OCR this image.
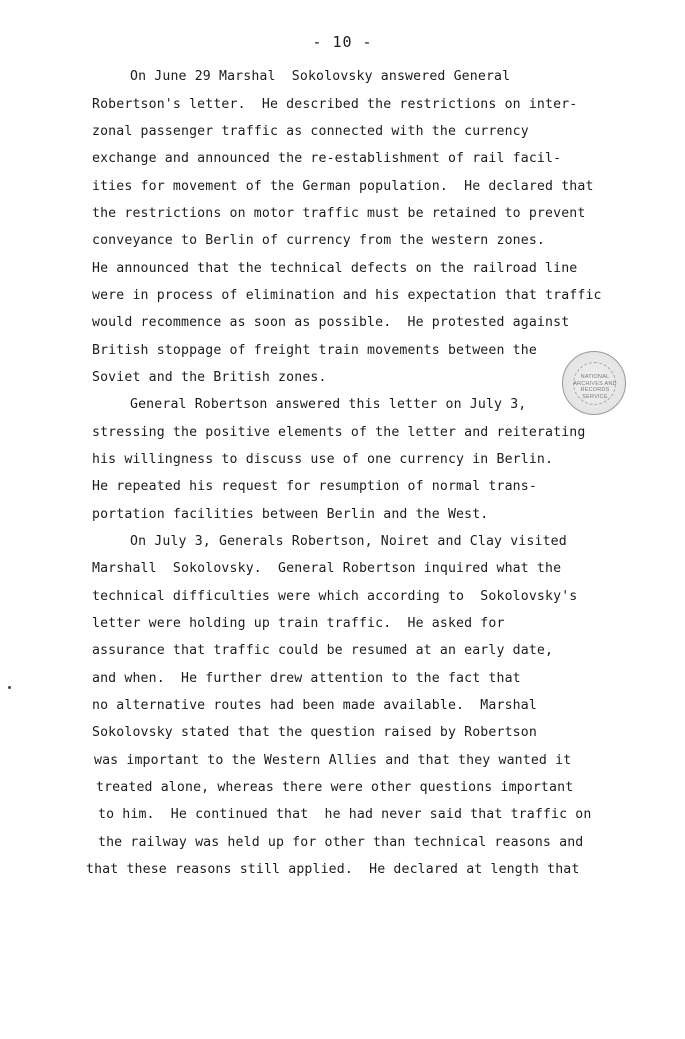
- 10 -
On June 29 Marshal  Sokolovsky answered General
Robertson's letter.  He described the restrictions on inter-
zonal passenger traffic as connected with the currency
exchange and announced the re-establishment of rail facil-
ities for movement of the German population.  He declared that
the restrictions on motor traffic must be retained to prevent
conveyance to Berlin of currency from the western zones.
He announced that the technical defects on the railroad line
were in process of elimination and his expectation that traffic
would recommence as soon as possible.  He protested against
British stoppage of freight train movements between the
Soviet and the British zones.
General Robertson answered this letter on July 3,
stressing the positive elements of the letter and reiterating
his willingness to discuss use of one currency in Berlin.
He repeated his request for resumption of normal trans-
portation facilities between Berlin and the West.
On July 3, Generals Robertson, Noiret and Clay visited
Marshall  Sokolovsky.  General Robertson inquired what the
technical difficulties were which according to  Sokolovsky's
letter were holding up train traffic.  He asked for
assurance that traffic could be resumed at an early date,
and when.  He further drew attention to the fact that
no alternative routes had been made available.  Marshal
Sokolovsky stated that the question raised by Robertson
was important to the Western Allies and that they wanted it
treated alone, whereas there were other questions important
to him.  He continued that  he had never said that traffic on
the railway was held up for other than technical reasons and
that these reasons still applied.  He declared at length that
NATIONAL
ARCHIVES AND
RECORDS
SERVICE
